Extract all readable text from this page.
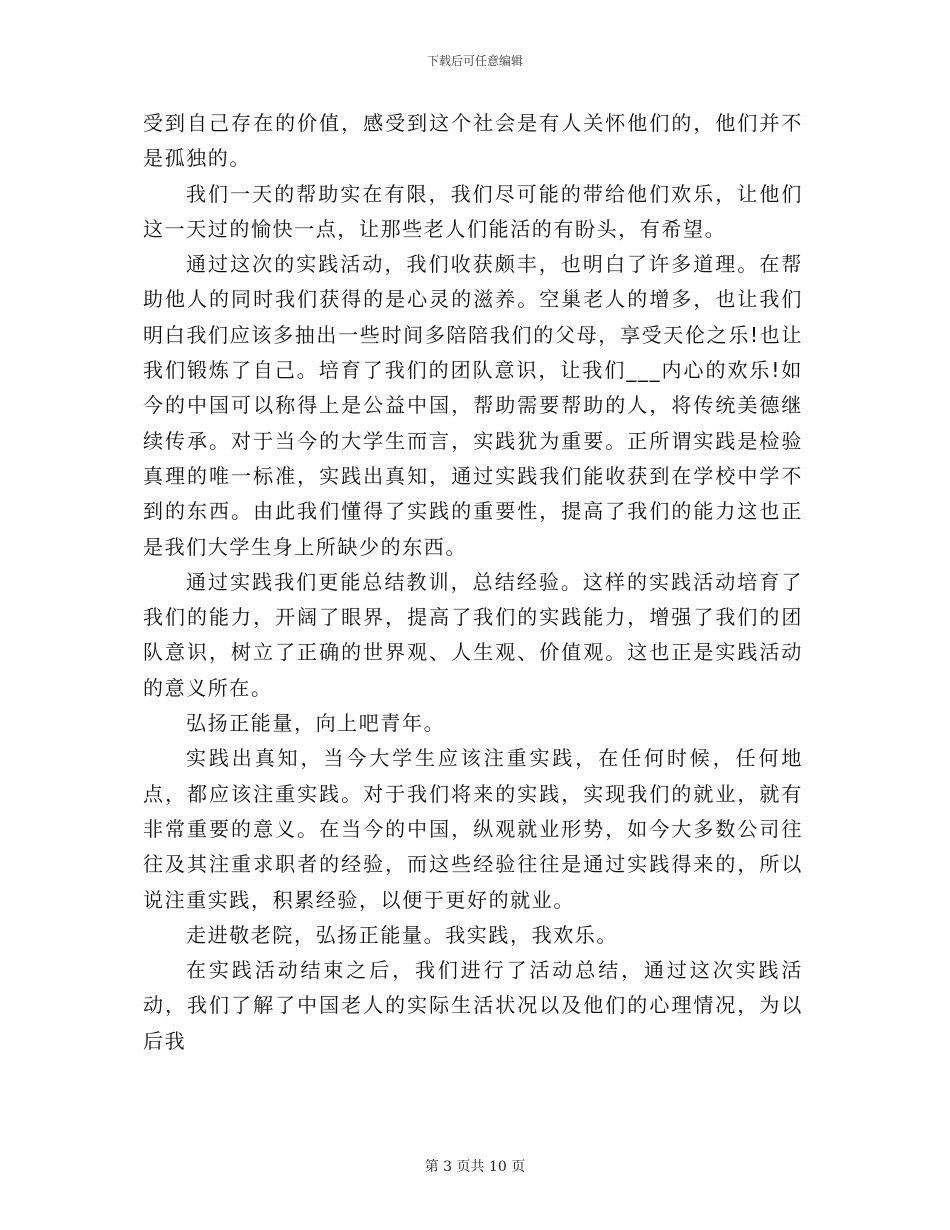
下载后可任意编辑

受到自己存在的价值，感受到这个社会是有人关怀他们的，他们并不是孤独的。

我们一天的帮助实在有限，我们尽可能的带给他们欢乐，让他们这一天过的愉快一点，让那些老人们能活的有盼头，有希望。

通过这次的实践活动，我们收获颇丰，也明白了许多道理。在帮助他人的同时我们获得的是心灵的滋养。空巢老人的增多，也让我们明白我们应该多抽出一些时间多陪陪我们的父母，享受天伦之乐!也让我们锻炼了自己。培育了我们的团队意识，让我们___内心的欢乐!如今的中国可以称得上是公益中国，帮助需要帮助的人，将传统美德继续传承。对于当今的大学生而言，实践犹为重要。正所谓实践是检验真理的唯一标准，实践出真知，通过实践我们能收获到在学校中学不到的东西。由此我们懂得了实践的重要性，提高了我们的能力这也正是我们大学生身上所缺少的东西。

通过实践我们更能总结教训，总结经验。这样的实践活动培育了我们的能力，开阔了眼界，提高了我们的实践能力，增强了我们的团队意识，树立了正确的世界观、人生观、价值观。这也正是实践活动的意义所在。

弘扬正能量，向上吧青年。

实践出真知，当今大学生应该注重实践，在任何时候，任何地点，都应该注重实践。对于我们将来的实践，实现我们的就业，就有非常重要的意义。在当今的中国，纵观就业形势，如今大多数公司往往及其注重求职者的经验，而这些经验往往是通过实践得来的，所以说注重实践，积累经验，以便于更好的就业。

走进敬老院，弘扬正能量。我实践，我欢乐。

在实践活动结束之后，我们进行了活动总结，通过这次实践活动，我们了解了中国老人的实际生活状况以及他们的心理情况，为以后我

第 3 页共 10 页
